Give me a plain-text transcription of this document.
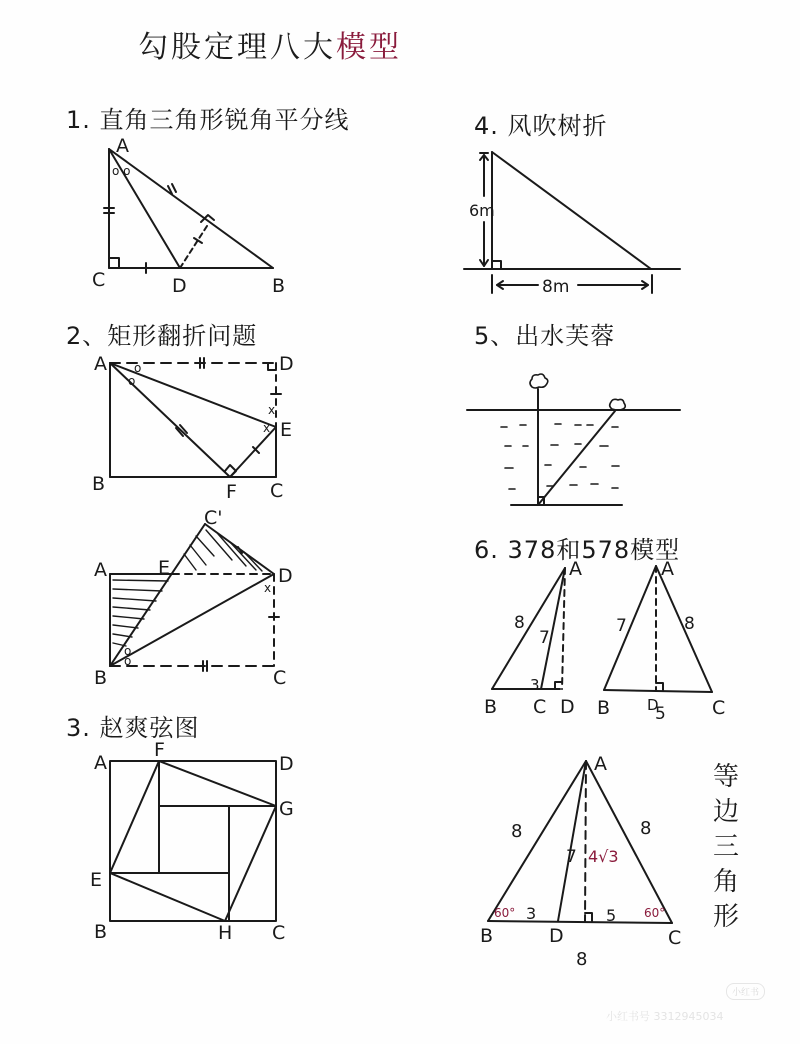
勾股定理八大模型
1. 直角三角形锐角平分线
2、矩形翻折问题
3. 赵爽弦图
4. 风吹树折
5、出水芙蓉
6. 378和578模型
等
边
三
角
形
A
C	D	B
o o
A	D
E
B	F C
o
o
x
x
A	E
C'
D
B	C
o
o
x
A
F
D
G
E
B	H C
6m
8m
A
B C D
8
7
3
A
B D	C
7	8
5
A
B	D	C
8	8
8
3	5
7 4√3
60°	60°
小红书
小红书号 3312945034
